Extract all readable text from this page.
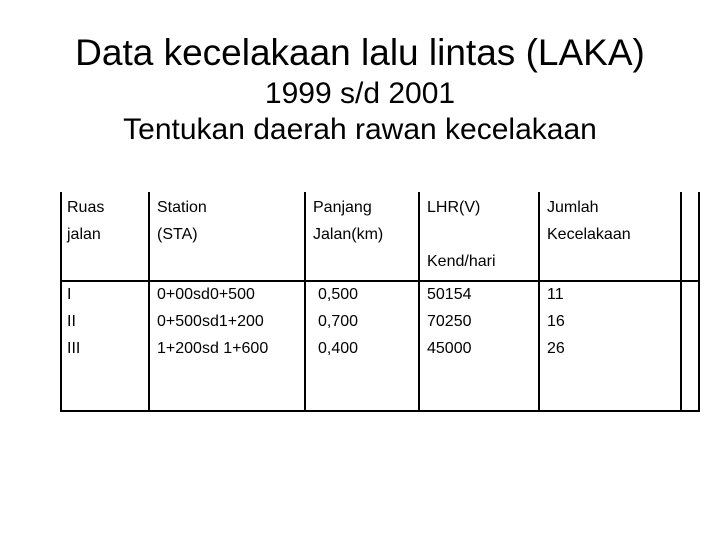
Data kecelakaan lalu lintas (LAKA)

1999 s/d 2001

Tentukan daerah rawan kecelakaan

Ruas
jalan
Station
(STA)
Panjang
Jalan(km)
LHR(V)

Kend/hari
Jumlah
Kecelakaan
I
II
III
0+00sd0+500
0+500sd1+200
1+200sd 1+600
0,500
0,700
0,400
50154
70250
45000
11
16
26
